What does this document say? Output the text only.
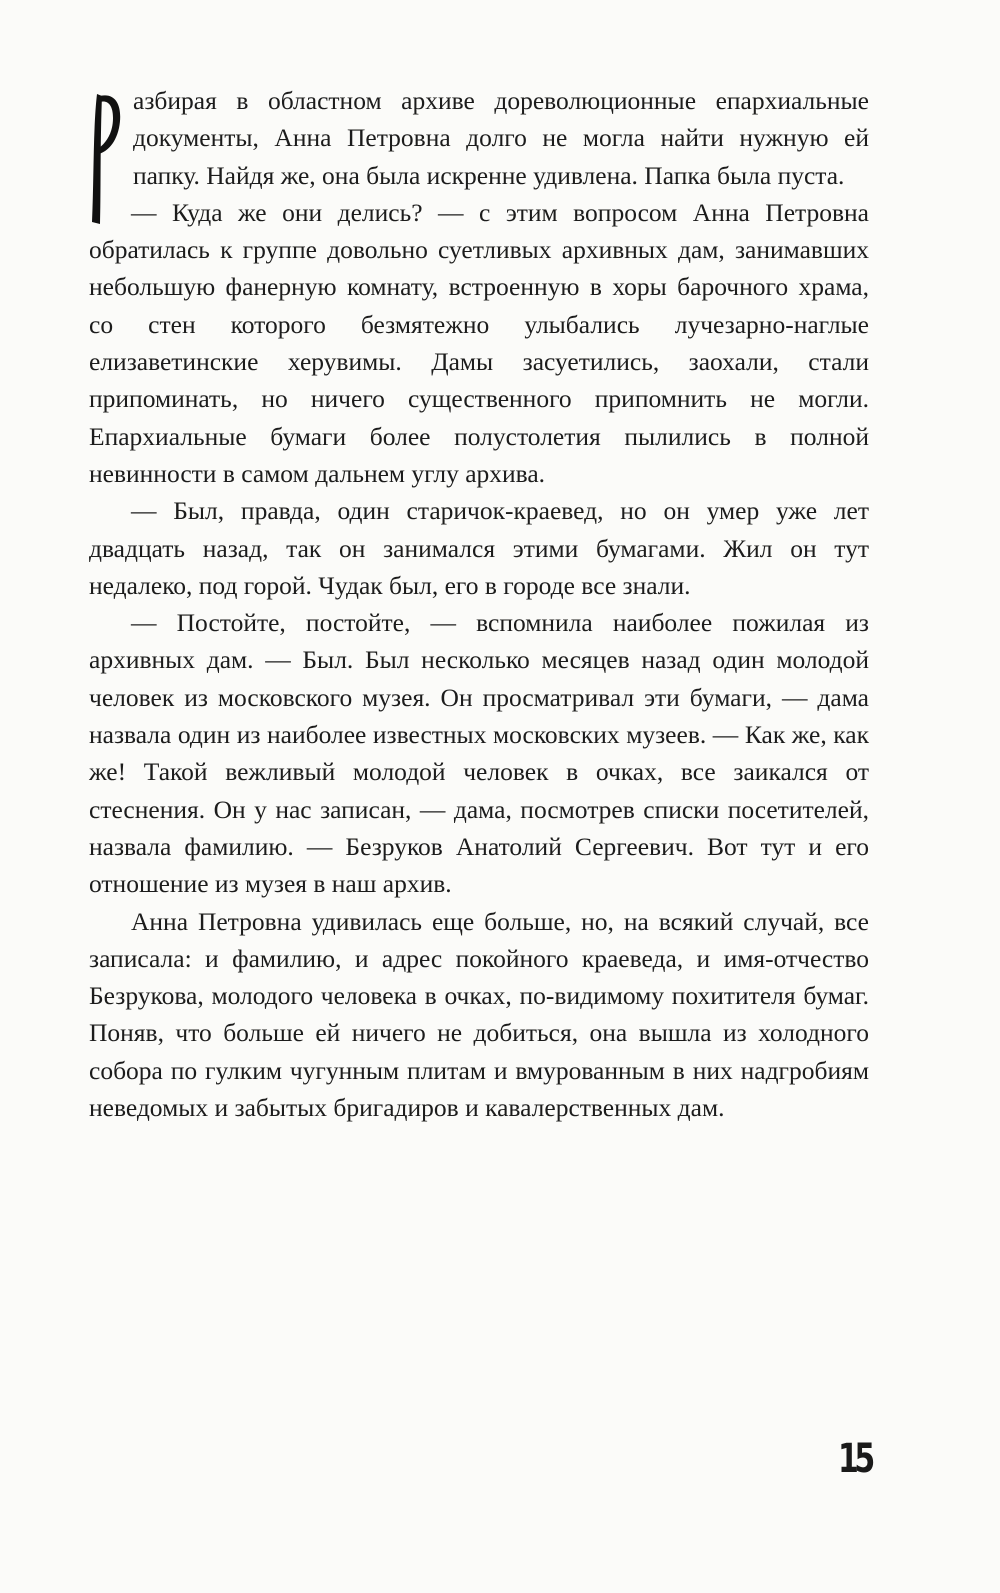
азбирая в областном архиве дореволюционные епархиальные документы, Анна Петровна долго не могла найти нужную ей папку. Найдя же, она была искренне удивлена. Папка была пуста.

— Куда же они делись? — с этим вопросом Анна Петровна обратилась к группе довольно суетливых архивных дам, занимавших небольшую фанерную комнату, встроенную в хоры барочного храма, со стен которого безмятежно улыбались лучезарно-наглые елизаветинские херувимы. Дамы засуетились, заохали, стали припоминать, но ничего существенного припомнить не могли. Епархиальные бумаги более полустолетия пылились в полной невинности в самом дальнем углу архива.

— Был, правда, один старичок-краевед, но он умер уже лет двадцать назад, так он занимался этими бумагами. Жил он тут недалеко, под горой. Чудак был, его в городе все знали.

— Постойте, постойте, — вспомнила наиболее пожилая из архивных дам. — Был. Был несколько месяцев назад один молодой человек из московского музея. Он просматривал эти бумаги, — дама назвала один из наиболее известных московских музеев. — Как же, как же! Такой вежливый молодой человек в очках, все заикался от стеснения. Он у нас записан, — дама, посмотрев списки посетителей, назвала фамилию. — Безруков Анатолий Сергеевич. Вот тут и его отношение из музея в наш архив.

Анна Петровна удивилась еще больше, но, на всякий случай, все записала: и фамилию, и адрес покойного краеведа, и имя-отчество Безрукова, молодого человека в очках, по-видимому похитителя бумаг. Поняв, что больше ей ничего не добиться, она вышла из холодного собора по гулким чугунным плитам и вмурованным в них надгробиям неведомых и забытых бригадиров и кавалерственных дам.

15
